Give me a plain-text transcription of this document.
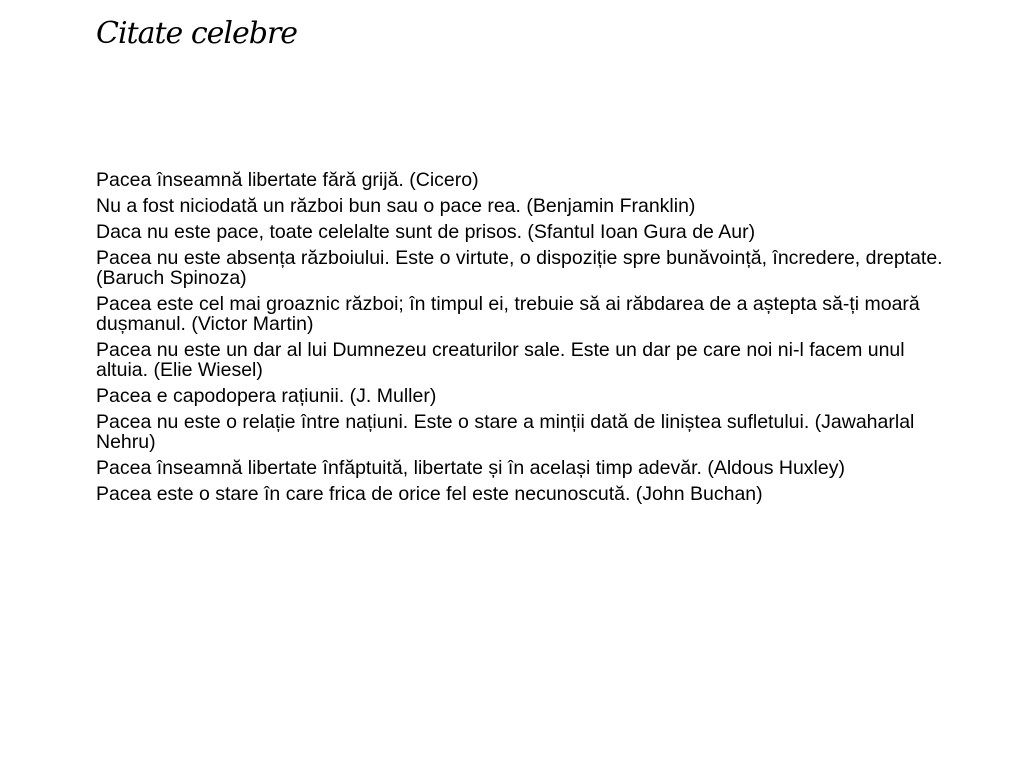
Citate celebre
Pacea înseamnă libertate fără grijă. (Cicero)
Nu a fost niciodată un război bun sau o pace rea. (Benjamin Franklin)
Daca nu este pace, toate celelalte sunt de prisos. (Sfantul Ioan Gura de Aur)
Pacea nu este absența războiului. Este o virtute, o dispoziție spre bunăvoință, încredere, dreptate. (Baruch Spinoza)
Pacea este cel mai groaznic război; în timpul ei, trebuie să ai răbdarea de a aștepta să-ți moară dușmanul. (Victor Martin)
Pacea nu este un dar al lui Dumnezeu creaturilor sale. Este un dar pe care noi ni-l facem unul altuia. (Elie Wiesel)
Pacea e capodopera rațiunii. (J. Muller)
Pacea nu este o relație între națiuni. Este o stare a minții dată de liniștea sufletului. (Jawaharlal Nehru)
Pacea înseamnă libertate înfăptuită, libertate și în același timp adevăr. (Aldous Huxley)
Pacea este o stare în care frica de orice fel este necunoscută. (John Buchan)
